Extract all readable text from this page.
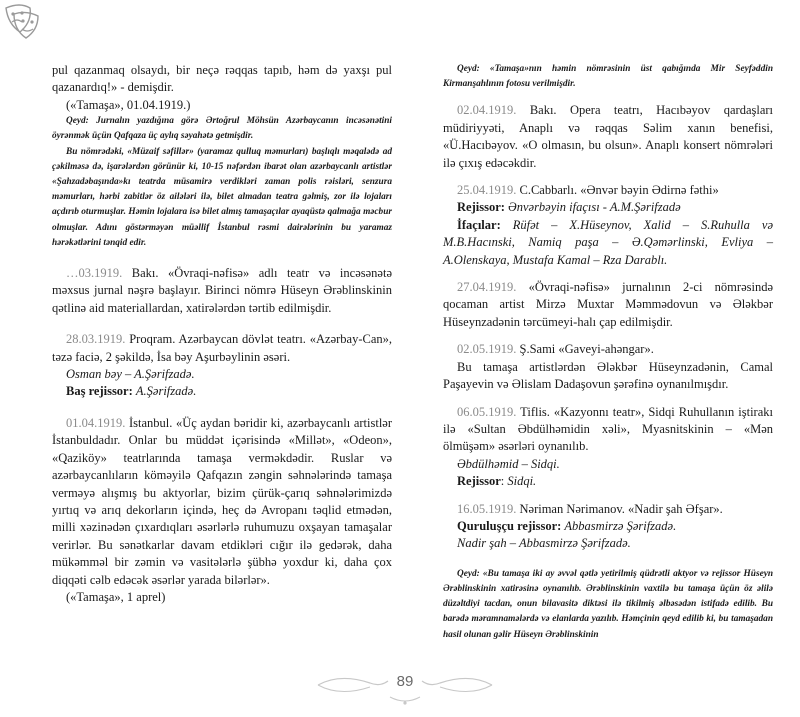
pul qazanmaq olsaydı, bir neçə rəqqas tapıb, həm də yaxşı pul qazanardıq!» - demişdir.

(«Tamaşa», 01.04.1919.)

Qeyd: Jurnalın yazdığına görə Ərtoğrul Möhsün Azərbaycanın incəsənətini öyrənmək üçün Qafqaza üç aylıq səyahətə getmişdir.

Bu nömrədəki, «Müzaif səfillər» (yaramaz qulluq məmurları) başlıqlı məqalədə ad çəkilməsə də, işarələrdən görünür ki, 10-15 nəfərdən ibarət olan azərbaycanlı artistlər «Şahzadəbaşında»kı teatrda müsamirə verdikləri zaman polis rəisləri, senzura məmurları, hərbi zabitlər öz ailələri ilə, bilet almadan teatra gəlmiş, zor ilə lojaları açdırıb oturmuşlar. Həmin lojalara isə bilet almış tamaşaçılar ayaqüstə qalmağa məcbur olmuşlar. Adını göstərməyən müəllif İstanbul rəsmi dairələrinin bu yaramaz hərəkətlərini tənqid edir.

…03.1919. Bakı. «Övraqi-nəfisə» adlı teatr və incəsənətə məxsus jurnal nəşrə başlayır. Birinci nömrə Hüseyn Ərəblinskinin qətlinə aid materiallardan, xatirələrdən tərtib edilmişdir.

28.03.1919. Proqram. Azərbaycan dövlət teatrı. «Azərbay-Can», təzə faciə, 2 şəkildə, İsa bəy Aşurbəylinin əsəri.

Osman bəy – A.Şərifzadə.

Baş rejissor: A.Şərifzadə.

01.04.1919. İstanbul. «Üç aydan bəridir ki, azərbaycanlı artistlər İstanbuldadır. Onlar bu müddət içərisində «Millət», «Odeon», «Qaziköy» teatrlarında tamaşa verməkdədir. Ruslar və azərbaycanlıların köməyilə Qafqazın zəngin səhnələrində tamaşa verməyə alışmış bu aktyorlar, bizim çürük-çarıq səhnələrimizdə yırtıq və arıq dekorların içində, heç də Avropanı təqlid etmədən, milli xəzinədən çıxardıqları əsərlərlə ruhumuzu oxşayan tamaşalar verirlər. Bu sənətkarlar davam etdikləri cığır ilə gedərək, daha mükəmməl bir zəmin və vasitələrlə şübhə yoxdur ki, daha çox diqqəti cəlb edəcək əsərlər yarada bilərlər».

(«Tamaşa», 1 aprel)

Qeyd: «Tamaşa»nın həmin nömrəsinin üst qabığında Mir Seyfəddin Kirmanşahlının fotosu verilmişdir.

02.04.1919. Bakı. Opera teatrı, Hacıbəyov qardaşları müdiriyyəti, Anaplı və rəqqas Səlim xanın benefisi, «Ü.Hacıbəyov. «O olmasın, bu olsun». Anaplı konsert nömrələri ilə çıxış edəcəkdir.

25.04.1919. C.Cabbarlı. «Ənvər bəyin Ədirnə fəthi»

Rejissor: Ənvərbəyin ifaçısı - A.M.Şərifzadə

İfaçılar: Rüfət – X.Hüseynov, Xalid – S.Ruhulla və M.B.Hacınski, Namiq paşa – Ə.Qəmərlinski, Evliya – A.Olenskaya, Mustafa Kamal – Rza Darablı.

27.04.1919. «Övraqi-nəfisə» jurnalının 2-ci nömrəsində qocaman artist Mirzə Muxtar Məmmədovun və Ələkbər Hüseynzadənin tərcümeyi-halı çap edilmişdir.

02.05.1919. Ş.Sami «Gaveyi-ahəngar».

Bu tamaşa artistlərdən Ələkbər Hüseynzadənin, Camal Paşayevin və Əlislam Dadaşovun şərəfinə oynanılmışdır.

06.05.1919. Tiflis. «Kazyonnı teatr», Sidqi Ruhullanın iştirakı ilə «Sultan Əbdülhəmidin xəli», Myasnitskinin – «Mən ölmüşəm» əsərləri oynanılıb.

Əbdülhəmid – Sidqi.

Rejissor: Sidqi.

16.05.1919. Nəriman Nərimanov. «Nadir şah Əfşar».

Quruluşçu rejissor: Abbasmirzə Şərifzadə.

Nadir şah – Abbasmirzə Şərifzadə.

Qeyd: «Bu tamaşa iki ay əvvəl qətlə yetirilmiş qüdrətli aktyor və rejissor Hüseyn Ərəblinskinin xatirəsinə oynanılıb. Ərəblinskinin vaxtilə bu tamaşa üçün öz əlilə düzəltdiyi tacdan, onun bilavasitə diktəsi ilə tikilmiş əlbəsədən istifadə edilib. Bu barədə məramnamələrdə və elanlarda yazılıb. Həmçinin qeyd edilib ki, bu tamaşadan hasil olunan gəlir Hüseyn Ərəblinskinin

89
